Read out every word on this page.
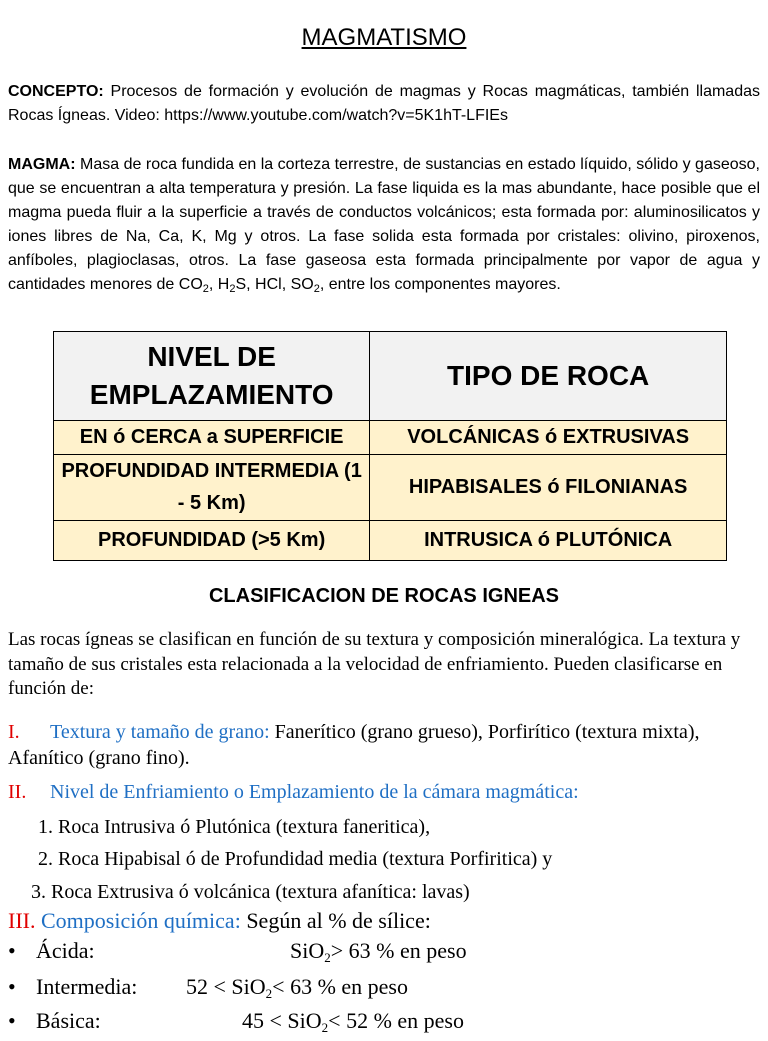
MAGMATISMO
CONCEPTO: Procesos de formación y evolución de magmas y Rocas magmáticas, también llamadas Rocas Ígneas. Video: https://www.youtube.com/watch?v=5K1hT-LFIEs
MAGMA: Masa de roca fundida en la corteza terrestre, de sustancias en estado líquido, sólido y gaseoso, que se encuentran a alta temperatura y presión. La fase liquida es la mas abundante, hace posible que el magma pueda fluir a la superficie a través de conductos volcánicos; esta formada por: aluminosilicatos y iones libres de Na, Ca, K, Mg y otros. La fase solida esta formada por cristales: olivino, piroxenos, anfíboles, plagioclasas, otros. La fase gaseosa esta formada principalmente por vapor de agua y cantidades menores de $CO_2$, $H_2S$, HCl, $SO_2$, entre los componentes mayores.
NIVEL DE EMPLAZAMIENTO	TIPO DE ROCA
EN ó CERCA a SUPERFICIE	VOLCÁNICAS ó EXTRUSIVAS
PROFUNDIDAD INTERMEDIA (1 - 5 Km)	HIPABISALES ó FILONIANAS
PROFUNDIDAD (>5 Km)	INTRUSICA ó PLUTÓNICA
CLASIFICACION DE ROCAS IGNEAS
Las rocas ígneas se clasifican en función de su textura y composición mineralógica. La textura y tamaño de sus cristales esta relacionada a la velocidad de enfriamiento. Pueden clasificarse en función de:
I.	Textura y tamaño de grano: Fanerítico (grano grueso), Porfirítico (textura mixta), Afanítico (grano fino).
II.	Nivel de Enfriamiento o Emplazamiento de la cámara magmática:
1. Roca Intrusiva ó Plutónica (textura faneritica),
2. Roca Hipabisal ó de Profundidad media (textura Porfiritica) y
3. Roca Extrusiva ó volcánica (textura afanítica: lavas)
III. Composición química: Según al % de sílice:
• Ácida:	SiO2> 63 % en peso
• Intermedia: 52 < SiO2< 63 % en peso
• Básica:	45 < SiO2< 52 % en peso
